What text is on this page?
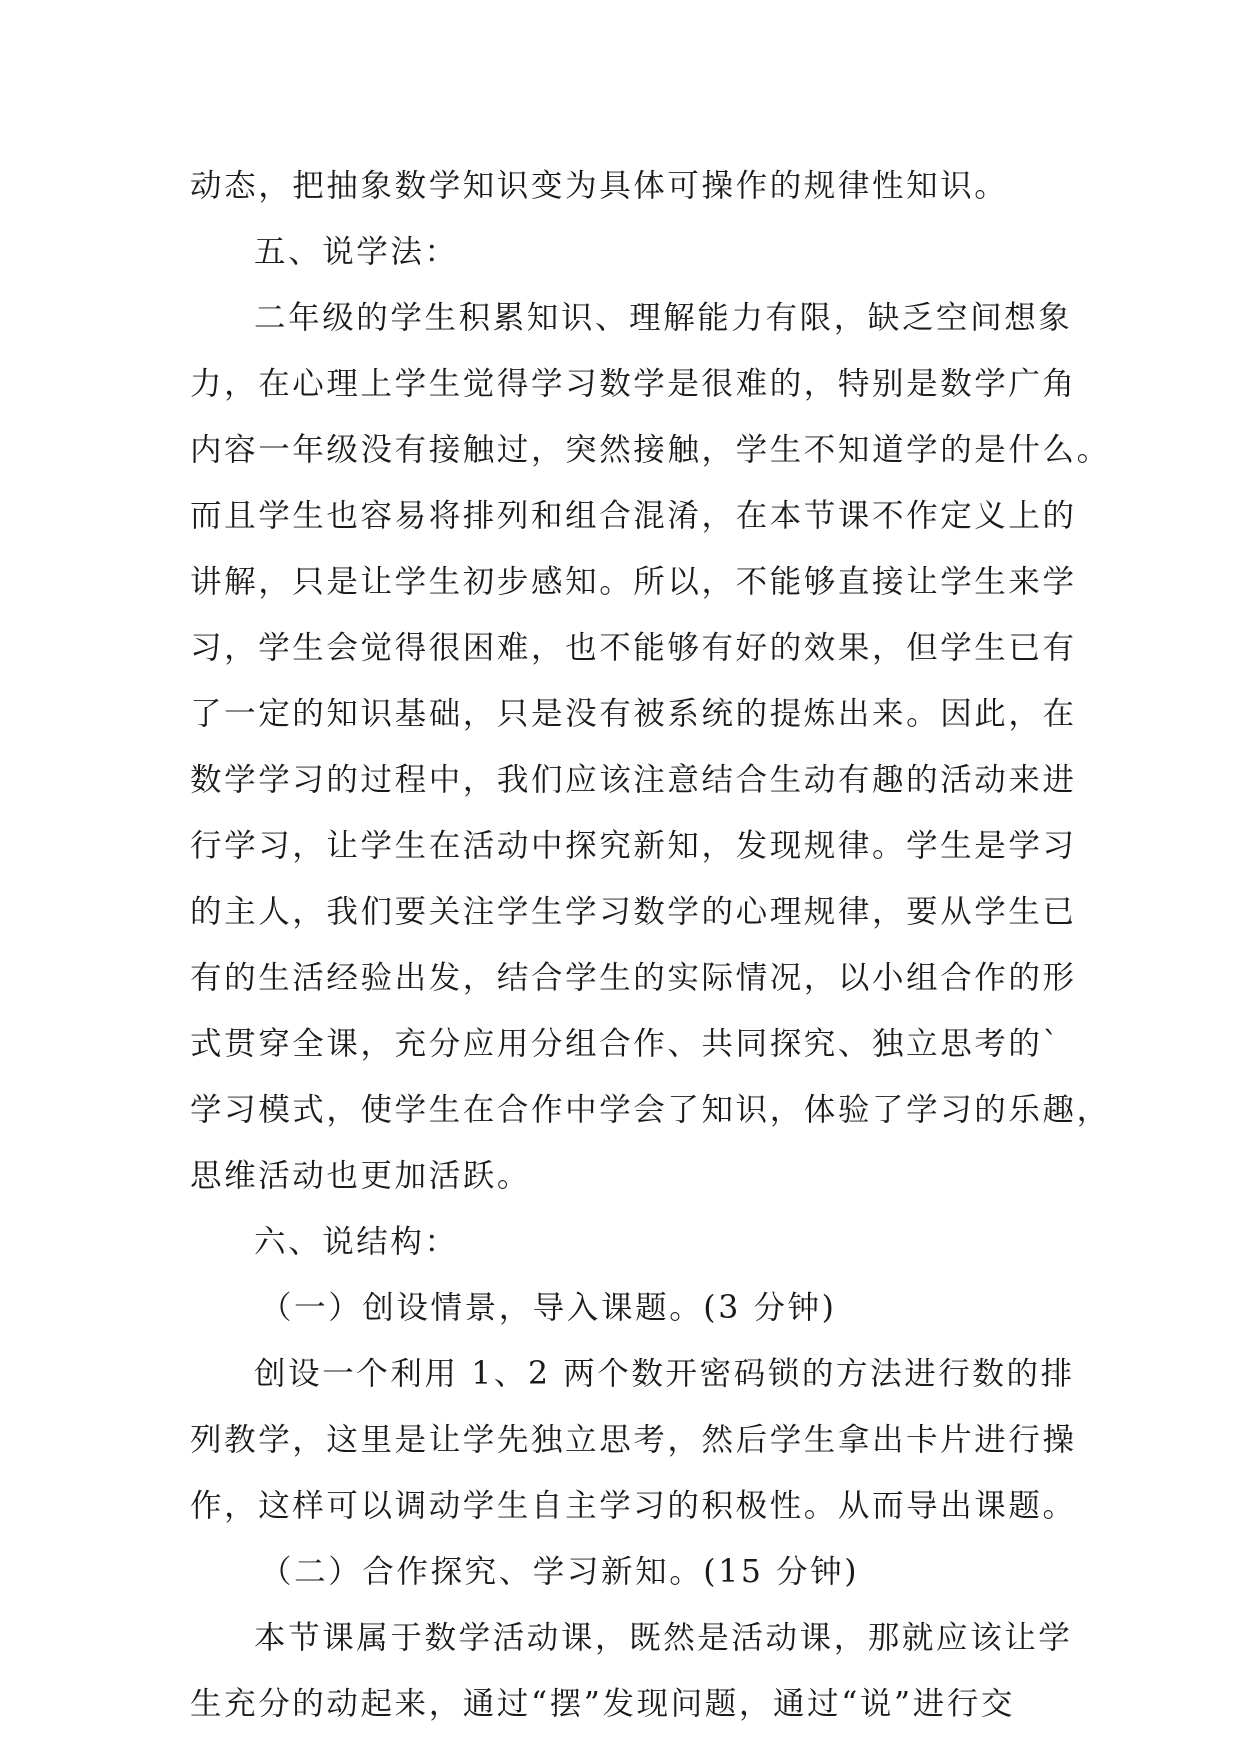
动态，把抽象数学知识变为具体可操作的规律性知识。
五、说学法：
二年级的学生积累知识、理解能力有限，缺乏空间想象
力，在心理上学生觉得学习数学是很难的，特别是数学广角
内容一年级没有接触过，突然接触，学生不知道学的是什么。
而且学生也容易将排列和组合混淆，在本节课不作定义上的
讲解，只是让学生初步感知。所以，不能够直接让学生来学
习，学生会觉得很困难，也不能够有好的效果，但学生已有
了一定的知识基础，只是没有被系统的提炼出来。因此，在
数学学习的过程中，我们应该注意结合生动有趣的活动来进
行学习，让学生在活动中探究新知，发现规律。学生是学习
的主人，我们要关注学生学习数学的心理规律，要从学生已
有的生活经验出发，结合学生的实际情况，以小组合作的形
式贯穿全课，充分应用分组合作、共同探究、独立思考的`
学习模式，使学生在合作中学会了知识，体验了学习的乐趣，
思维活动也更加活跃。
六、说结构：
（一）创设情景，导入课题。(3 分钟)
创设一个利用 1、2 两个数开密码锁的方法进行数的排
列教学，这里是让学先独立思考，然后学生拿出卡片进行操
作，这样可以调动学生自主学习的积极性。从而导出课题。
（二）合作探究、学习新知。(15 分钟)
本节课属于数学活动课，既然是活动课，那就应该让学
生充分的动起来，通过“摆”发现问题，通过“说”进行交
